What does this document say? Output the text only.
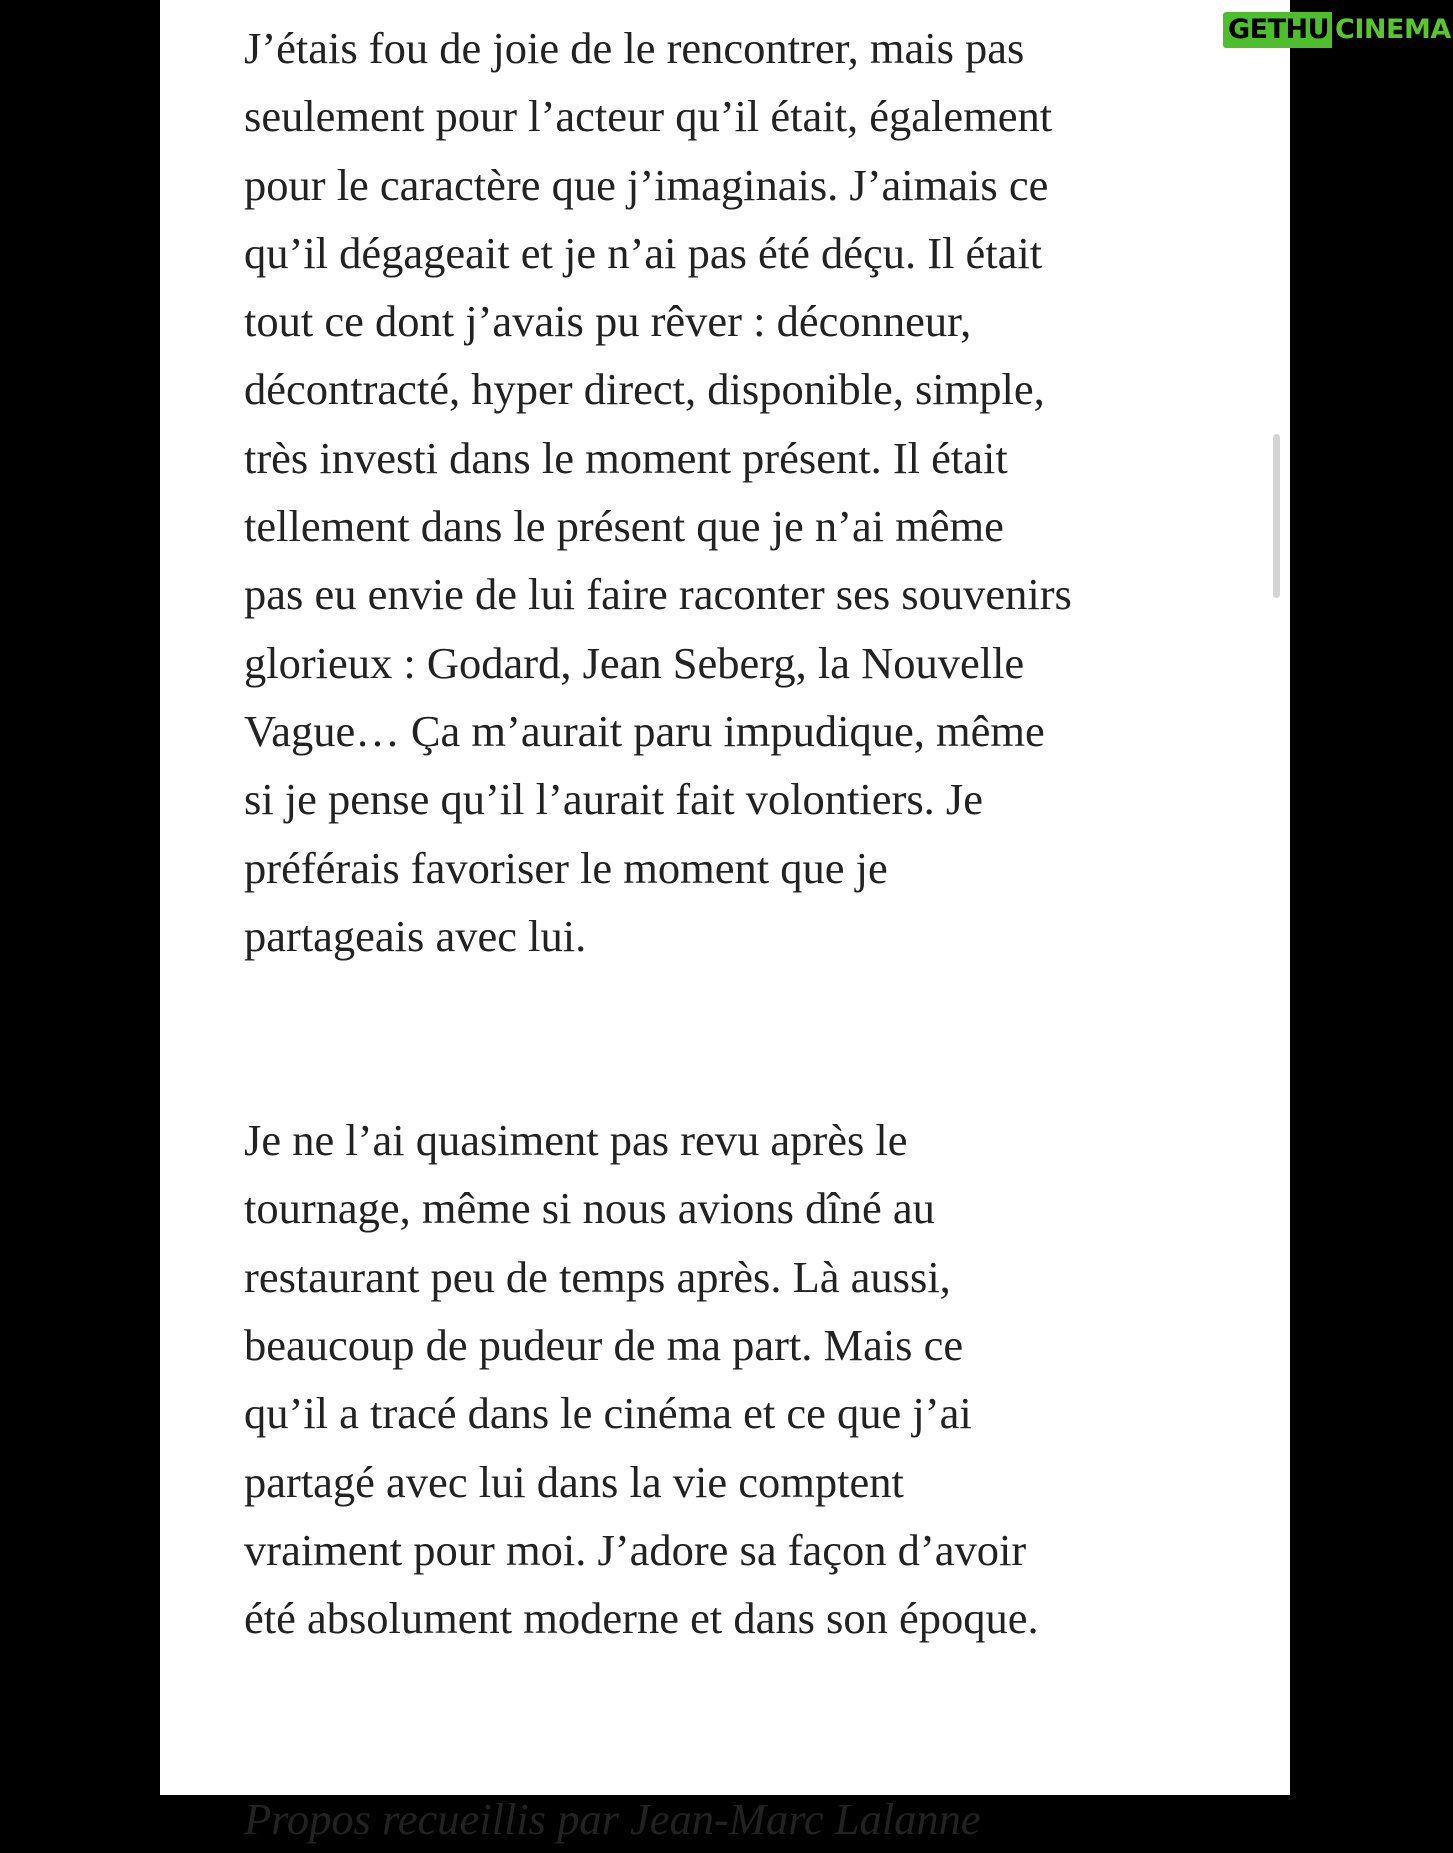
J’étais fou de joie de le rencontrer, mais pas
seulement pour l’acteur qu’il était, également
pour le caractère que j’imaginais. J’aimais ce
qu’il dégageait et je n’ai pas été déçu. Il était
tout ce dont j’avais pu rêver : déconneur,
décontracté, hyper direct, disponible, simple,
très investi dans le moment présent. Il était
tellement dans le présent que je n’ai même
pas eu envie de lui faire raconter ses souvenirs
glorieux : Godard, Jean Seberg, la Nouvelle
Vague… Ça m’aurait paru impudique, même
si je pense qu’il l’aurait fait volontiers. Je
préférais favoriser le moment que je
partageais avec lui.
Je ne l’ai quasiment pas revu après le
tournage, même si nous avions dîné au
restaurant peu de temps après. Là aussi,
beaucoup de pudeur de ma part. Mais ce
qu’il a tracé dans le cinéma et ce que j’ai
partagé avec lui dans la vie comptent
vraiment pour moi. J’adore sa façon d’avoir
été absolument moderne et dans son époque.
Propos recueillis par Jean-Marc Lalanne
GETHU CINEMA
